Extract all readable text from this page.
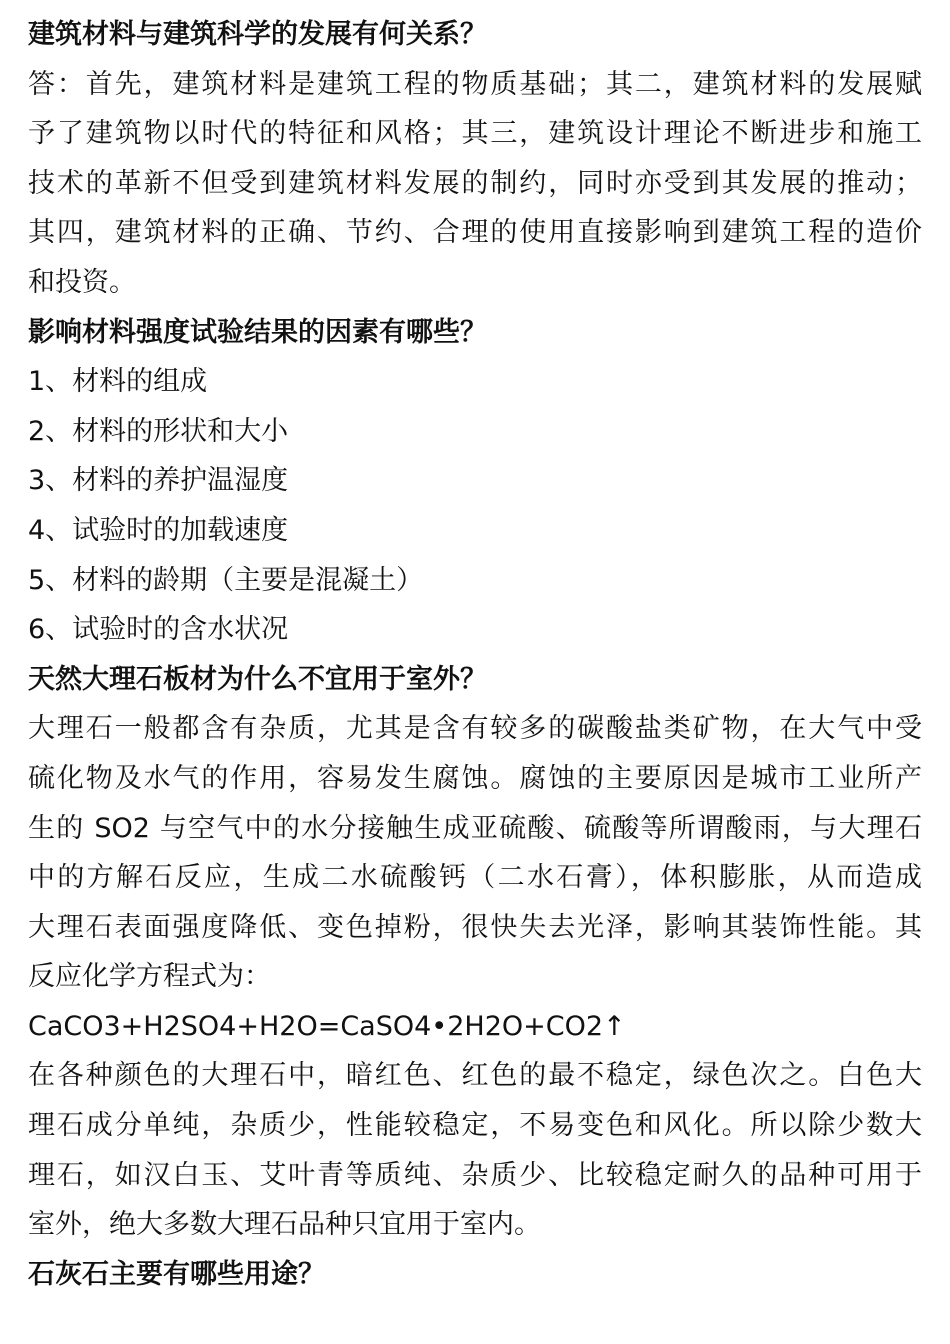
建筑材料与建筑科学的发展有何关系？
答：首先，建筑材料是建筑工程的物质基础；其二，建筑材料的发展赋
予了建筑物以时代的特征和风格；其三，建筑设计理论不断进步和施工
技术的革新不但受到建筑材料发展的制约，同时亦受到其发展的推动；
其四，建筑材料的正确、节约、合理的使用直接影响到建筑工程的造价
和投资。
影响材料强度试验结果的因素有哪些？
1、材料的组成
2、材料的形状和大小
3、材料的养护温湿度
4、试验时的加载速度
5、材料的龄期（主要是混凝土）
6、试验时的含水状况
天然大理石板材为什么不宜用于室外？
大理石一般都含有杂质，尤其是含有较多的碳酸盐类矿物，在大气中受
硫化物及水气的作用，容易发生腐蚀。腐蚀的主要原因是城市工业所产
生的 SO2 与空气中的水分接触生成亚硫酸、硫酸等所谓酸雨，与大理石
中的方解石反应，生成二水硫酸钙（二水石膏），体积膨胀，从而造成
大理石表面强度降低、变色掉粉，很快失去光泽，影响其装饰性能。其
反应化学方程式为：
CaCO3+H2SO4+H2O=CaSO4•2H2O+CO2↑
在各种颜色的大理石中，暗红色、红色的最不稳定，绿色次之。白色大
理石成分单纯，杂质少，性能较稳定，不易变色和风化。所以除少数大
理石，如汉白玉、艾叶青等质纯、杂质少、比较稳定耐久的品种可用于
室外，绝大多数大理石品种只宜用于室内。
石灰石主要有哪些用途？
